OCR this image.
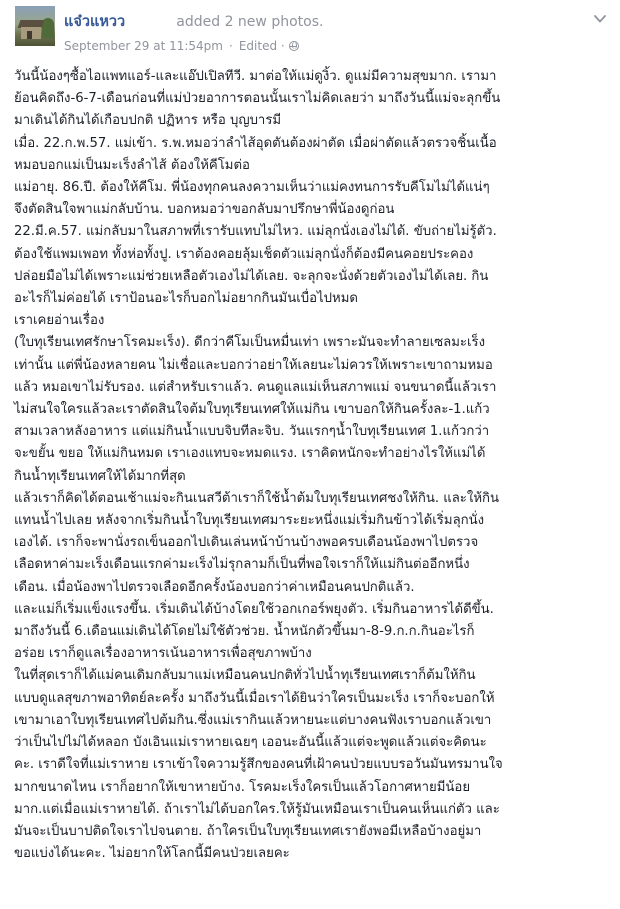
แจ๋วแหวว	added 2 new photos.
September 29 at 11:54pm · Edited ·

วันนี้น้องๆซื้อไอแพทแอร์-และแอ๊ปเปิลทีวี. มาต่อให้แม่ดูงิ้ว. ดูแม่มีความสุขมาก. เรามา

ย้อนคิดถึง-6-7-เดือนก่อนที่แม่ป่วยอาการตอนนั้นเราไม่คิดเลยว่า มาถึงวันนี้แม่จะลุกขึ้น

มาเดินได้กินได้เกือบปกติ ปฏิหาร หรือ บุญบารมี

เมื่อ. 22.ก.พ.57. แม่เข้า. ร.พ.หมอว่าลำไส้อุดตันต้องผ่าตัด เมื่อผ่าตัดแล้วตรวจชิ้นเนื้อ

หมอบอกแม่เป็นมะเร็งลำไส้ ต้องให้คีโมต่อ

แม่อายุ. 86.ปี. ต้องให้คีโม. พี่น้องทุกคนลงความเห็นว่าแม่คงทนการรับคีโมไม่ได้แน่ๆ

จึงตัดสินใจพาแม่กลับบ้าน. บอกหมอว่าขอกลับมาปรึกษาพี่น้องดูก่อน

22.มี.ค.57. แม่กลับมาในสภาพที่เรารับแทบไม่ไหว. แม่ลุกนั่งเองไม่ได้. ขับถ่ายไม่รู้ตัว.

ต้องใช้แพมเพอท ทั้งห่อทั้งปู. เราต้องคอยลุ้มเช็ดตัวแม่ลุกนั่งก็ต้องมีคนคอยประคอง

ปล่อยมือไม่ได้เพราะแม่ช่วยเหลือตัวเองไม่ได้เลย. จะลุกจะนั่งด้วยตัวเองไม่ได้เลย. กิน

อะไรก็ไม่ค่อยได้ เราป้อนอะไรก็บอกไม่อยากกินมันเบื่อไปหมด

เราเคยอ่านเรื่อง

(ใบทุเรียนเทศรักษาโรคมะเร็ง). ดีกว่าคีโมเป็นหมื่นเท่า เพราะมันจะทำลายเซลมะเร็ง

เท่านั้น แต่พี่น้องหลายคน ไม่เชื่อและบอกว่าอย่าให้เลยนะไม่ควรให้เพราะเขาถามหมอ

แล้ว หมอเขาไม่รับรอง. แต่สำหรับเราแล้ว. คนดูแลแม่เห็นสภาพแม่ จนขนาดนี้แล้วเรา

ไม่สนใจใครแล้วละเราตัดสินใจต้มใบทุเรียนเทศให้แม่กิน เขาบอกให้กินครั้งละ-1.แก้ว

สามเวลาหลังอาหาร แต่แม่กินน้ำแบบจิบทีละจิบ. วันแรกๆน้ำใบทุเรียนเทศ 1.แก้วกว่า

จะขยั้น ขยอ ให้แม่กินหมด เราเองแทบจะหมดแรง. เราคิดหนักจะทำอย่างไรให้แม่ได้

กินน้ำทุเรียนเทศให้ได้มากที่สุด

แล้วเราก็คิดได้ตอนเช้าแม่จะกินเนสวีต้าเราก็ใช้น้ำต้มใบทุเรียนเทศชงให้กิน. และให้กิน

แทนน้ำไปเลย หลังจากเริ่มกินน้ำใบทุเรียนเทศมาระยะหนึ่งแม่เริ่มกินข้าวได้เริ่มลุกนั่ง

เองได้. เราก็จะพานั่งรถเข็นออกไปเดินเล่นหน้าบ้านบ้างพอครบเดือนน้องพาไปตรวจ

เลือดหาค่ามะเร็งเดือนแรกค่ามะเร็งไม่รุกลามก็เป็นที่พอใจเราก็ให้แม่กินต่ออีกหนึ่ง

เดือน. เมื่อน้องพาไปตรวจเลือดอีกครั้งน้องบอกว่าค่าเหมือนคนปกติแล้ว.

และแม่ก็เริ่มแข็งแรงขึ้น. เริ่มเดินได้บ้างโดยใช้วอกเกอร์พยุงตัว. เริ่มกินอาหารได้ดีขึ้น.

มาถึงวันนี้ 6.เดือนแม่เดินได้โดยไม่ใช้ตัวช่วย. น้ำหนักตัวขึ้นมา-8-9.ก.ก.กินอะไรก็

อร่อย เราก็ดูแลเรื่องอาหารเน้นอาหารเพื่อสุขภาพบ้าง

ในที่สุดเราก็ได้แม่คนเดิมกลับมาแม่เหมือนคนปกติทั่วไปน้ำทุเรียนเทศเราก็ต้มให้กิน

แบบดูแลสุขภาพอาทิตย์ละครั้ง มาถึงวันนี้เมื่อเราได้ยินว่าใครเป็นมะเร็ง เราก็จะบอกให้

เขามาเอาใบทุเรียนเทศไปต้มกิน.ซึ่งแม่เรากินแล้วหายนะแต่บางคนฟังเราบอกแล้วเขา

ว่าเป็นไปไม่ได้หลอก บังเอินแม่เราหายเฉยๆ เออนะอันนี้แล้วแต่จะพูดแล้วแต่จะคิดนะ

คะ. เราดีใจที่แม่เราหาย เราเข้าใจความรู้สึกของคนที่เฝ้าคนป่วยแบบรอวันมันทรมานใจ

มากขนาดไหน เราก็อยากให้เขาหายบ้าง. โรคมะเร็งใครเป็นแล้วโอกาศหายมีน้อย

มาก.แต่เมื่อแม่เราหายได้. ถ้าเราไม่ได้บอกใคร.ให้รู้มันเหมือนเราเป็นคนเห็นแก่ตัว และ

มันจะเป็นบาปติดใจเราไปจนตาย. ถ้าใครเป็นใบทุเรียนเทศเรายังพอมีเหลือบ้างอยู่มา

ขอแบ่งได้นะคะ. ไม่อยากให้โลกนี้มีคนป่วยเลยคะ
